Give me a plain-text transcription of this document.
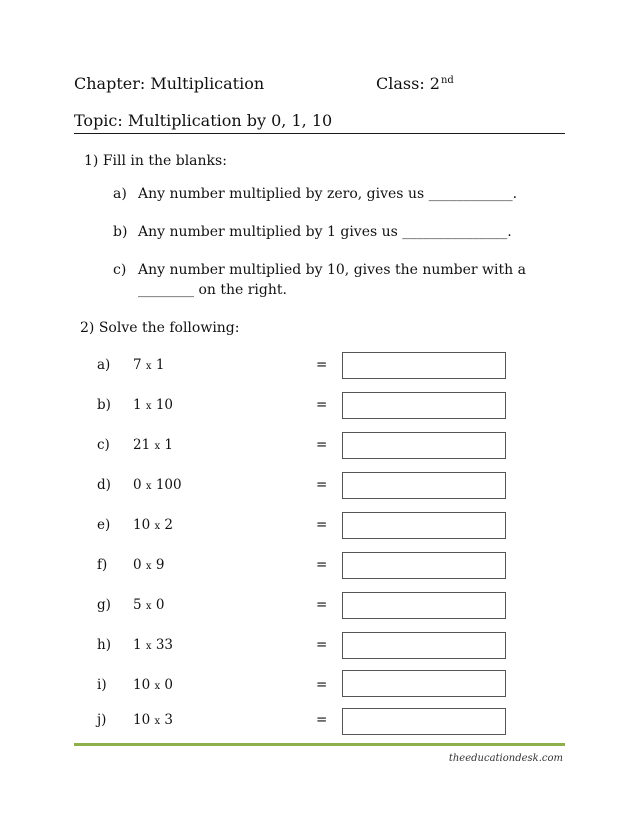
Chapter: Multiplication	Class: 2nd
Topic: Multiplication by 0, 1, 10
1) Fill in the blanks:
a) Any number multiplied by zero, gives us ____________.
b) Any number multiplied by 1 gives us _______________.
c) Any number multiplied by 10, gives the number with a
________ on the right.
2) Solve the following:
a) 7 x 1	=
b) 1 x 10	=
c) 21 x 1	=
d) 0 x 100	=
e) 10 x 2	=
f) 0 x 9	=
g) 5 x 0	=
h) 1 x 33	=
i) 10 x 0	=
j) 10 x 3	=
theeducationdesk.com
